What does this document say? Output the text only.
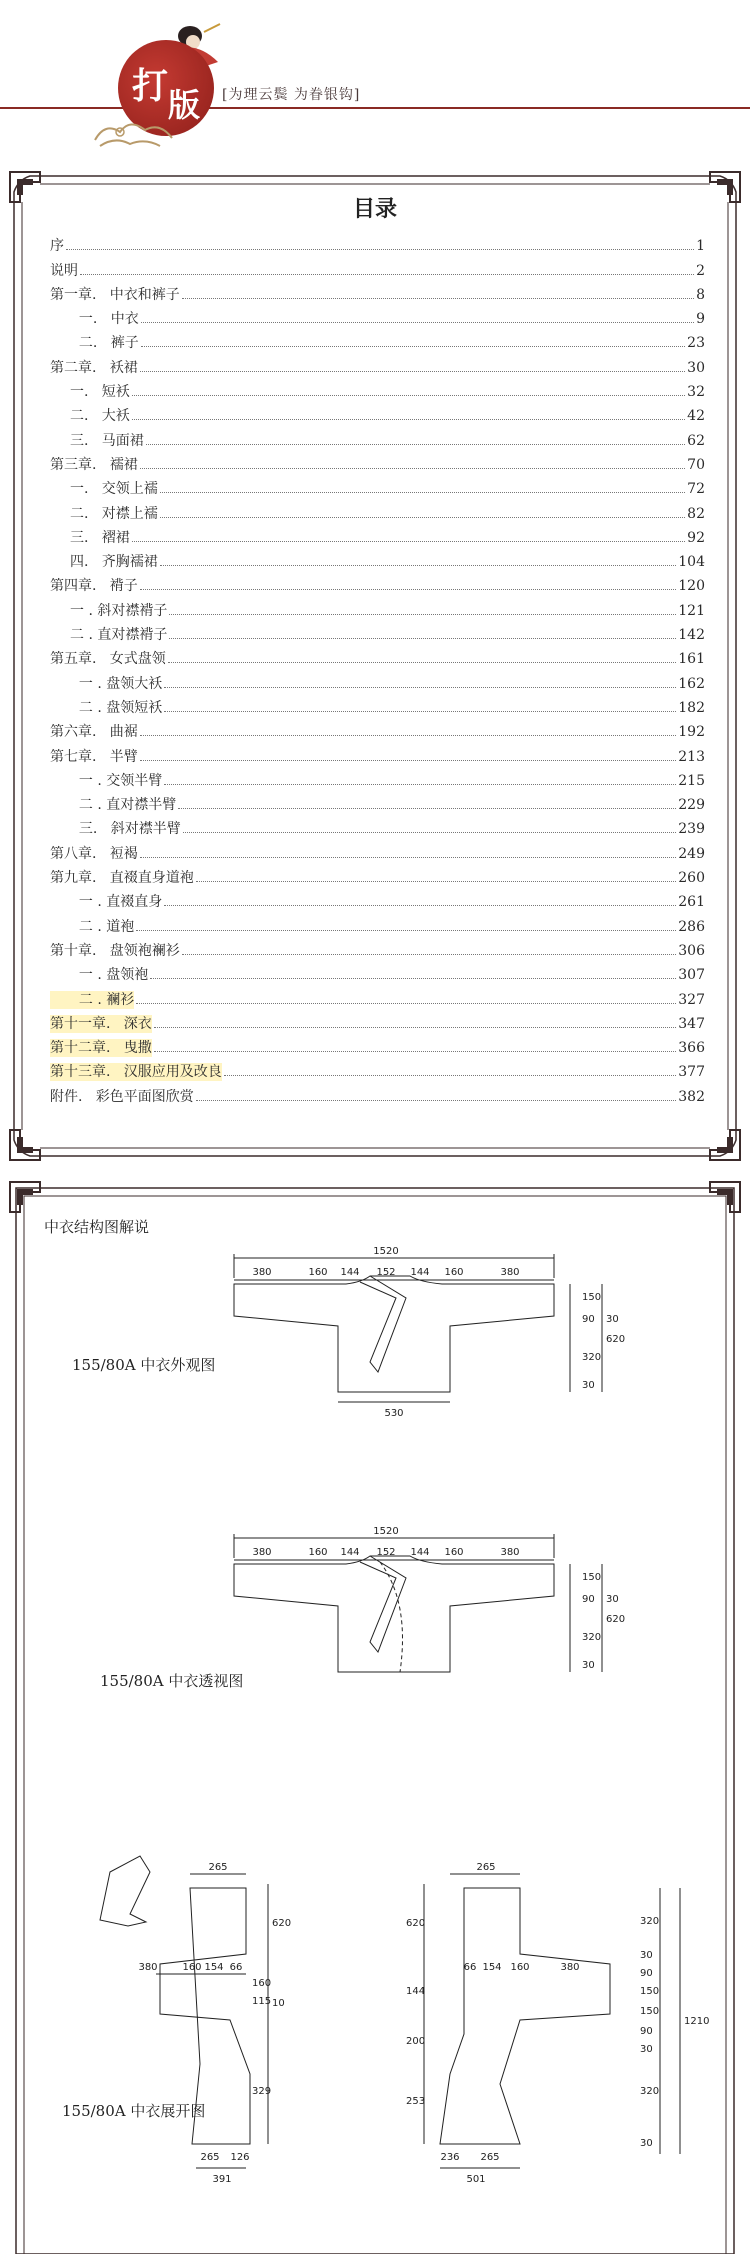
打 版 [为理云鬓 为眷银钩]
目录
序	1
说明	2
第一章.   中衣和裤子	8
一.   中衣	9
二.   裤子	23
第二章.   袄裙	30
一.   短袄	32
二.   大袄	42
三.   马面裙	62
第三章.   襦裙	70
一.   交领上襦	72
二.   对襟上襦	82
三.   褶裙	92
四.   齐胸襦裙	104
第四章.   褙子	120
一 . 斜对襟褙子	121
二 . 直对襟褙子	142
第五章.   女式盘领	161
一 . 盘领大袄	162
二 . 盘领短袄	182
第六章.   曲裾	192
第七章.   半臂	213
一 . 交领半臂	215
二 . 直对襟半臂	229
三.   斜对襟半臂	239
第八章.   裋褐	249
第九章.   直裰直身道袍	260
一 . 直裰直身	261
二 . 道袍	286
第十章.   盘领袍襕衫	306
一 . 盘领袍	307
二 . 襕衫	327
第十一章.   深衣	347
第十二章.   曳撒	366
第十三章.   汉服应用及改良	377
附件.   彩色平面图欣赏	382
中衣结构图解说
1520
380	160 144 152 144 160	380
530
150
90
320
30
30
620
155/80A 中衣外观图
1520
380	160 144 152 144 160	380
150
90
320
30
30
620
155/80A 中衣透视图
265
380 160 154 66
620
115 10
160
329
265 126
391
265
66 154 160	380
620
144
200
253
236 265
501
320
30
90
150
150
90
30
320
30
1210
155/80A 中衣展开图
